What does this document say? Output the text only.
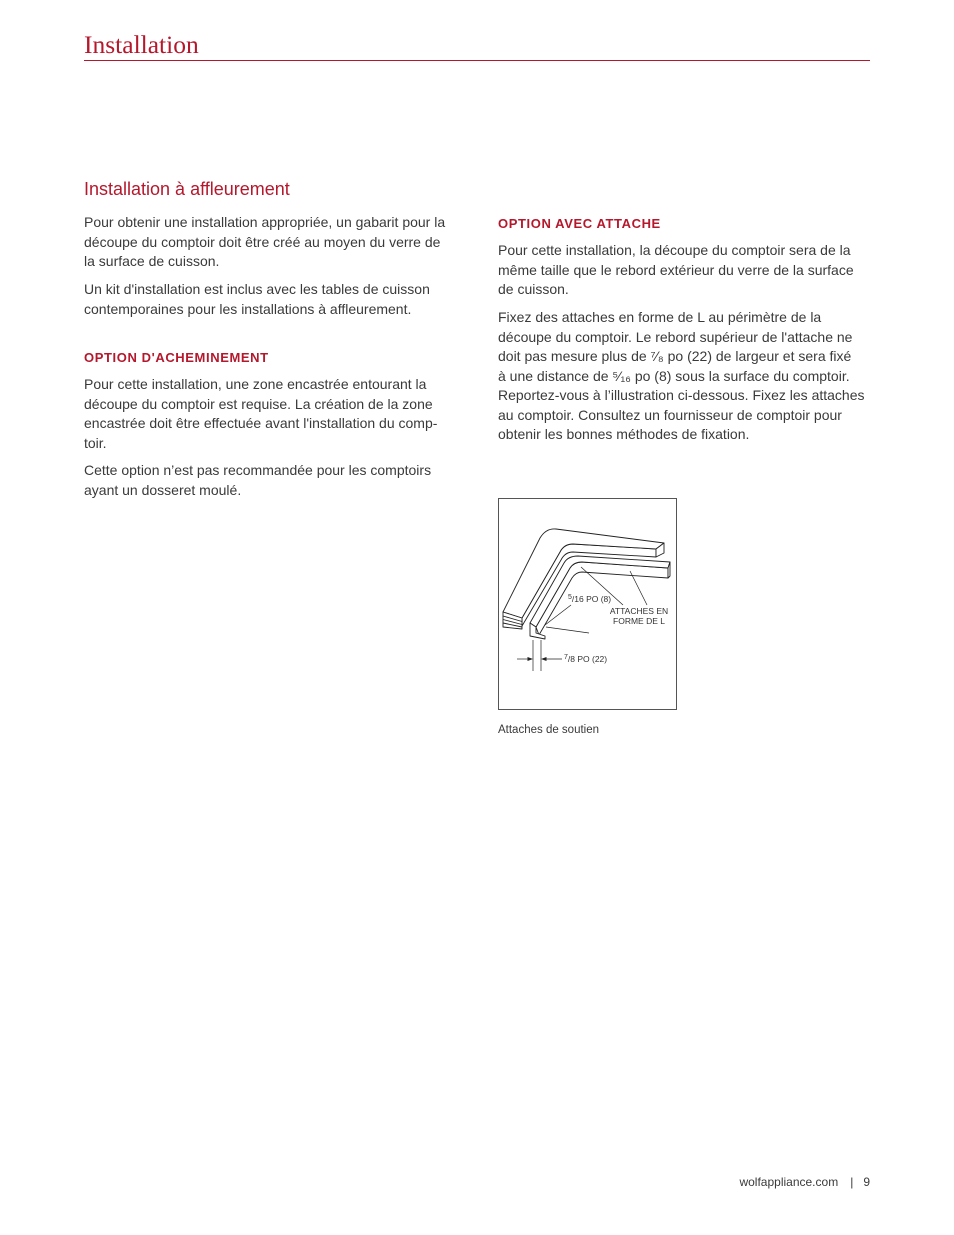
Installation
Installation à affleurement

Pour obtenir une installation appropriée, un gabarit pour la
découpe du comptoir doit être créé au moyen du verre de
la surface de cuisson.

Un kit d'installation est inclus avec les tables de cuisson
contemporaines pour les installations à affleurement.

OPTION D'ACHEMINEMENT

Pour cette installation, une zone encastrée entourant la
découpe du comptoir est requise. La création de la zone
encastrée doit être effectuée avant l'installation du comp-
toir.

Cette option n’est pas recommandée pour les comptoirs
ayant un dosseret moulé.

OPTION AVEC ATTACHE

Pour cette installation, la découpe du comptoir sera de la
même taille que le rebord extérieur du verre de la surface
de cuisson.

Fixez des attaches en forme de L au périmètre de la
découpe du comptoir. Le rebord supérieur de l'attache ne
doit pas mesure plus de ⁷⁄₈ po (22) de largeur et sera fixé
à une distance de ⁵⁄₁₆ po (8) sous la surface du comptoir.
Reportez-vous à l’illustration ci-dessous. Fixez les attaches
au comptoir. Consultez un fournisseur de comptoir pour
obtenir les bonnes méthodes de fixation.

$^5$/16 PO (8)
ATTACHES EN
FORME DE L
$^7$/8 PO (22)
Attaches de soutien
wolfappliance.com | 9
